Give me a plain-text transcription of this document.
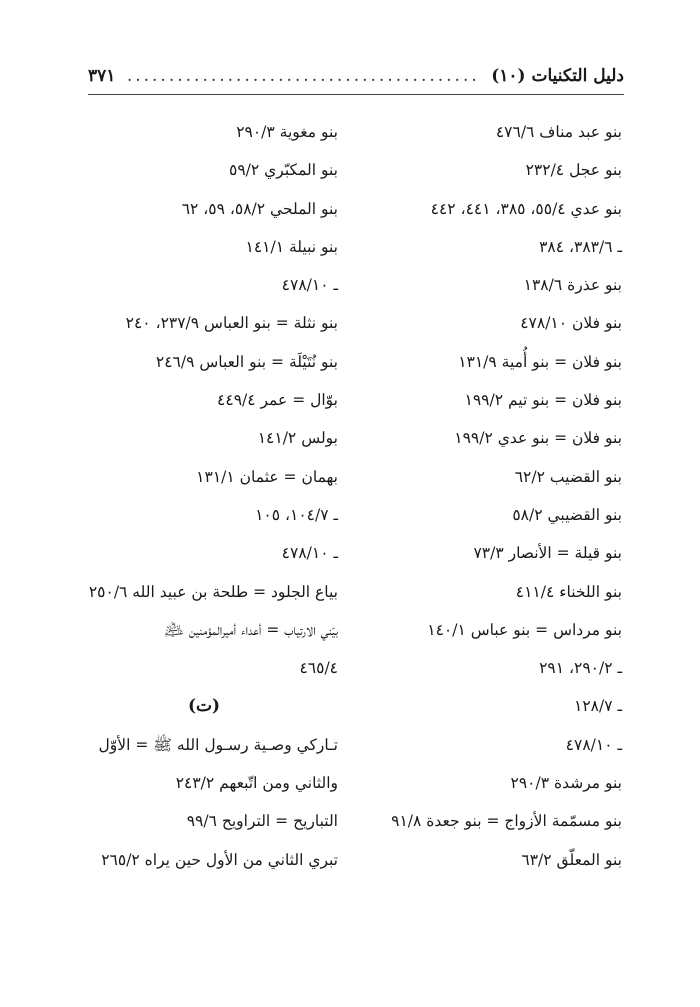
دليل التكنيات (١٠)
..........................................
٣٧١
بنو عبد مناف ٤٧٦/٦
بنو عجل ٢٣٢/٤
بنو عدي ٥٥/٤، ٣٨٥، ٤٤١، ٤٤٢
ـ ٣٨٣/٦، ٣٨٤
بنو عذرة ١٣٨/٦
بنو فلان ٤٧٨/١٠
بنو فلان = بنو أُمية ١٣١/٩
بنو فلان = بنو تيم ١٩٩/٢
بنو فلان = بنو عدي ١٩٩/٢
بنو القضيب ٦٢/٢
بنو القضيبي ٥٨/٢
بنو قيلة = الأنصار ٧٣/٣
بنو اللخناء ٤١١/٤
بنو مرداس = بنو عباس ١٤٠/١
ـ ٢٩٠/٢، ٢٩١
ـ ١٢٨/٧
ـ ٤٧٨/١٠
بنو مرشدة ٢٩٠/٣
بنو مسمّمة الأزواج = بنو جعدة ٩١/٨
بنو المعلّق ٦٣/٢
بنو مغوية ٢٩٠/٣
بنو المكبّري ٥٩/٢
بنو الملحي ٥٨/٢، ٥٩، ٦٢
بنو نبيلة ١٤١/١
ـ ٤٧٨/١٠
بنو نثلة = بنو العباس ٢٣٧/٩، ٢٤٠
بنو نُتَيْلَة = بنو العباس ٢٤٦/٩
بوّال = عمر ٤٤٩/٤
بولس ١٤١/٢
بهمان = عثمان ١٣١/١
ـ ١٠٤/٧، ١٠٥
ـ ٤٧٨/١٠
بياع الجلود = طلحة بن عبيد الله ٢٥٠/٦
بيّني الارتياب = أعداء أميرالمؤمنين ﵇
٤٦٥/٤
(ت)
تـاركي وصـية رسـول الله ﷺ = الأوّل
والثاني ومن اتّبعهم ٢٤٣/٢
التباريح = التراويح ٩٩/٦
تبري الثاني من الأول حين يراه ٢٦٥/٢
